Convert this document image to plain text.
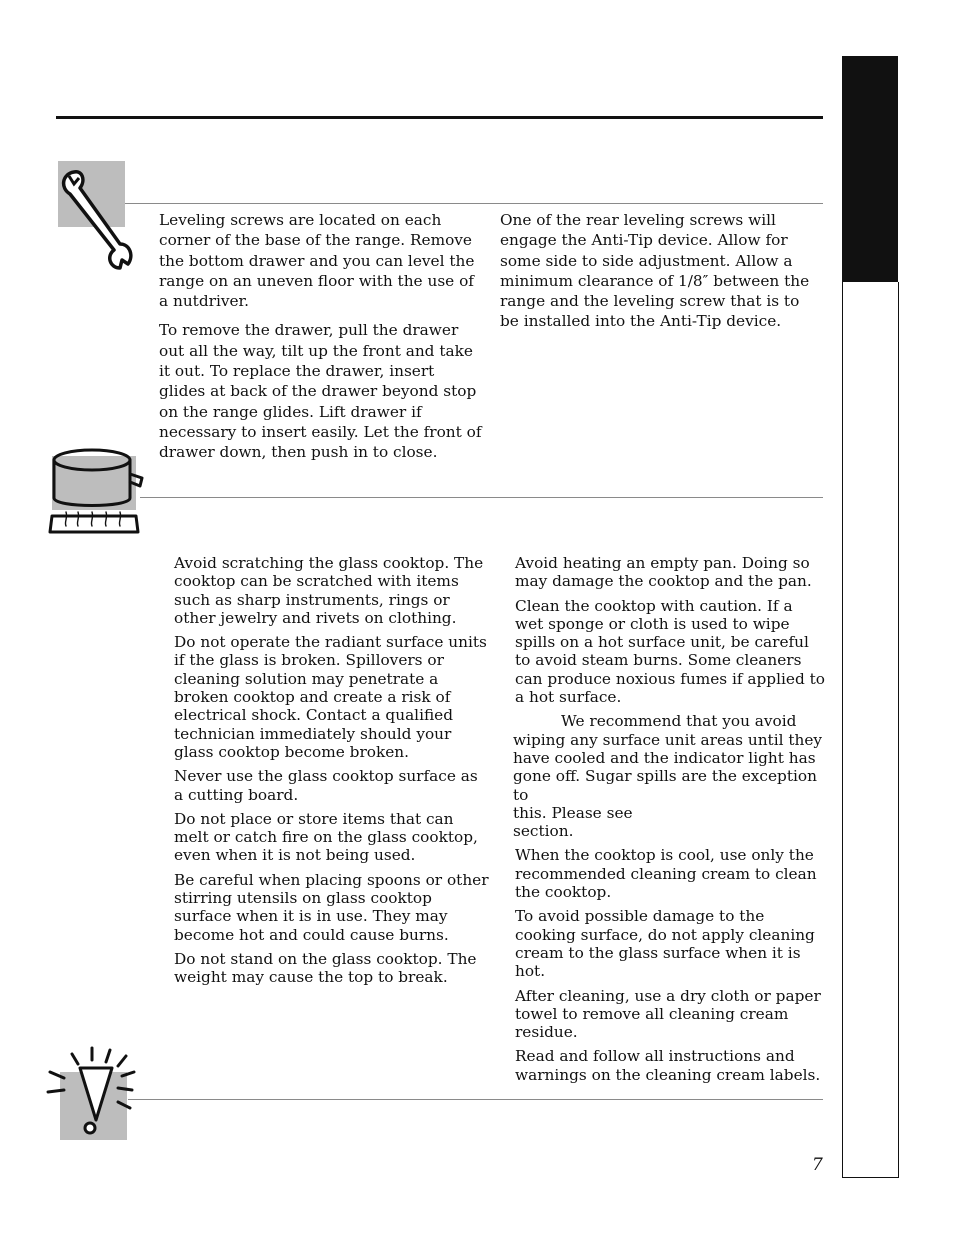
Leveling screws are located on each corner of the base of the range. Remove the bottom drawer and you can level the range on an uneven floor with the use of a nutdriver.

To remove the drawer, pull the drawer out all the way, tilt up the front and take it out. To replace the drawer, insert glides at back of the drawer beyond stop on the range glides. Lift drawer if necessary to insert easily. Let the front of drawer down, then push in to close.

One of the rear leveling screws will engage the Anti-Tip device. Allow for some side to side adjustment. Allow a minimum clearance of 1/8″ between the range and the leveling screw that is to be installed into the Anti-Tip device.

Avoid scratching the glass cooktop. The cooktop can be scratched with items such as sharp instruments, rings or other jewelry and rivets on clothing.

Do not operate the radiant surface units if the glass is broken. Spillovers or cleaning solution may penetrate a broken cooktop and create a risk of electrical shock. Contact a qualified technician immediately should your glass cooktop become broken.

Never use the glass cooktop surface as a cutting board.

Do not place or store items that can melt or catch fire on the glass cooktop, even when it is not being used.

Be careful when placing spoons or other stirring utensils on glass cooktop surface when it is in use. They may become hot and could cause burns.

Do not stand on the glass cooktop. The weight may cause the top to break.

Avoid heating an empty pan. Doing so may damage the cooktop and the pan.

Clean the cooktop with caution. If a wet sponge or cloth is used to wipe spills on a hot surface unit, be careful to avoid steam burns. Some cleaners can produce noxious fumes if applied to a hot surface.

We recommend that you avoid
wiping any surface unit areas until they
have cooled and the indicator light has
gone off. Sugar spills are the exception to
this. Please see
section.

When the cooktop is cool, use only the recommended cleaning cream to clean the cooktop.

To avoid possible damage to the cooking surface, do not apply cleaning cream to the glass surface when it is hot.

After cleaning, use a dry cloth or paper towel to remove all cleaning cream residue.

Read and follow all instructions and warnings on the cleaning cream labels.

7
